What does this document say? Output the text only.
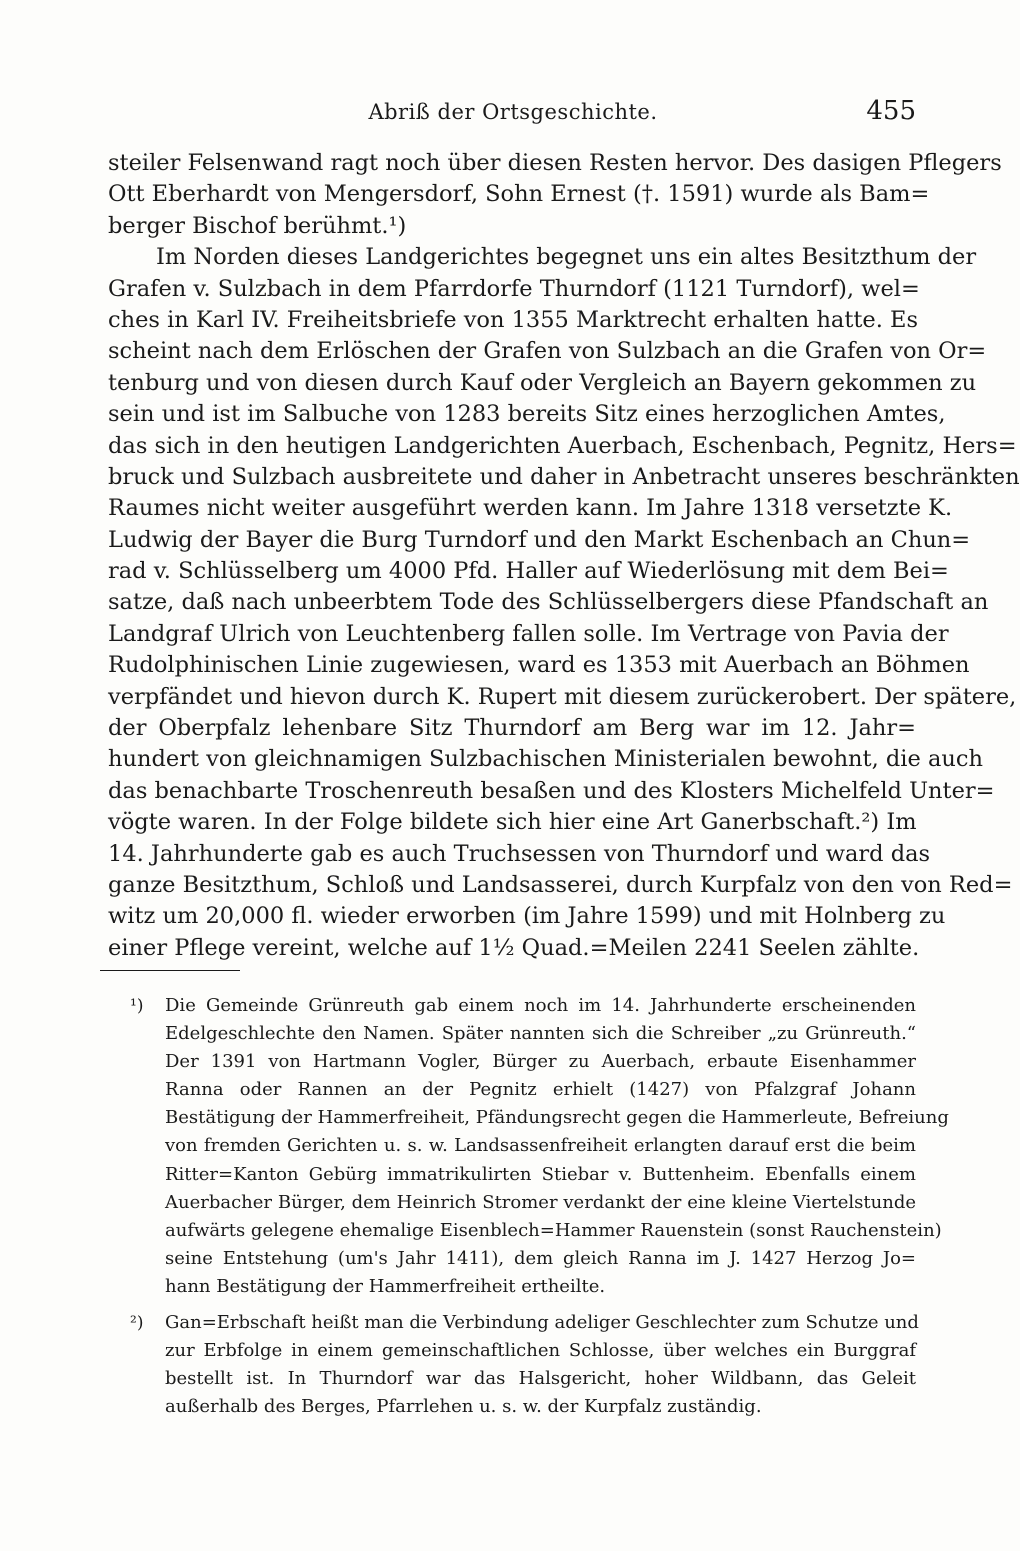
Abriß der Ortsgeschichte.	455
steiler Felsenwand ragt noch über diesen Resten hervor. Des dasigen Pflegers
Ott Eberhardt von Mengersdorf, Sohn Ernest (†. 1591) wurde als Bam=
berger Bischof berühmt.¹)
Im Norden dieses Landgerichtes begegnet uns ein altes Besitzthum der
Grafen v. Sulzbach in dem Pfarrdorfe Thurndorf (1121 Turndorf), wel=
ches in Karl IV. Freiheitsbriefe von 1355 Marktrecht erhalten hatte. Es
scheint nach dem Erlöschen der Grafen von Sulzbach an die Grafen von Or=
tenburg und von diesen durch Kauf oder Vergleich an Bayern gekommen zu
sein und ist im Salbuche von 1283 bereits Sitz eines herzoglichen Amtes,
das sich in den heutigen Landgerichten Auerbach, Eschenbach, Pegnitz, Hers=
bruck und Sulzbach ausbreitete und daher in Anbetracht unseres beschränkten
Raumes nicht weiter ausgeführt werden kann. Im Jahre 1318 versetzte K.
Ludwig der Bayer die Burg Turndorf und den Markt Eschenbach an Chun=
rad v. Schlüsselberg um 4000 Pfd. Haller auf Wiederlösung mit dem Bei=
satze, daß nach unbeerbtem Tode des Schlüsselbergers diese Pfandschaft an
Landgraf Ulrich von Leuchtenberg fallen solle. Im Vertrage von Pavia der
Rudolphinischen Linie zugewiesen, ward es 1353 mit Auerbach an Böhmen
verpfändet und hievon durch K. Rupert mit diesem zurückerobert. Der spätere,
der Oberpfalz lehenbare Sitz Thurndorf am Berg war im 12. Jahr=
hundert von gleichnamigen Sulzbachischen Ministerialen bewohnt, die auch
das benachbarte Troschenreuth besaßen und des Klosters Michelfeld Unter=
vögte waren. In der Folge bildete sich hier eine Art Ganerbschaft.²) Im
14. Jahrhunderte gab es auch Truchsessen von Thurndorf und ward das
ganze Besitzthum, Schloß und Landsasserei, durch Kurpfalz von den von Red=
witz um 20,000 fl. wieder erworben (im Jahre 1599) und mit Holnberg zu
einer Pflege vereint, welche auf 1½ Quad.=Meilen 2241 Seelen zählte.
¹) Die Gemeinde Grünreuth gab einem noch im 14. Jahrhunderte erscheinenden
Edelgeschlechte den Namen. Später nannten sich die Schreiber „zu Grünreuth.“
Der 1391 von Hartmann Vogler, Bürger zu Auerbach, erbaute Eisenhammer
Ranna oder Rannen an der Pegnitz erhielt (1427) von Pfalzgraf Johann
Bestätigung der Hammerfreiheit, Pfändungsrecht gegen die Hammerleute, Befreiung
von fremden Gerichten u. s. w. Landsassenfreiheit erlangten darauf erst die beim
Ritter=Kanton Gebürg immatrikulirten Stiebar v. Buttenheim. Ebenfalls einem
Auerbacher Bürger, dem Heinrich Stromer verdankt der eine kleine Viertelstunde
aufwärts gelegene ehemalige Eisenblech=Hammer Rauenstein (sonst Rauchenstein)
seine Entstehung (um's Jahr 1411), dem gleich Ranna im J. 1427 Herzog Jo=
hann Bestätigung der Hammerfreiheit ertheilte.
²) Gan=Erbschaft heißt man die Verbindung adeliger Geschlechter zum Schutze und
zur Erbfolge in einem gemeinschaftlichen Schlosse, über welches ein Burggraf
bestellt ist. In Thurndorf war das Halsgericht, hoher Wildbann, das Geleit
außerhalb des Berges, Pfarrlehen u. s. w. der Kurpfalz zuständig.
